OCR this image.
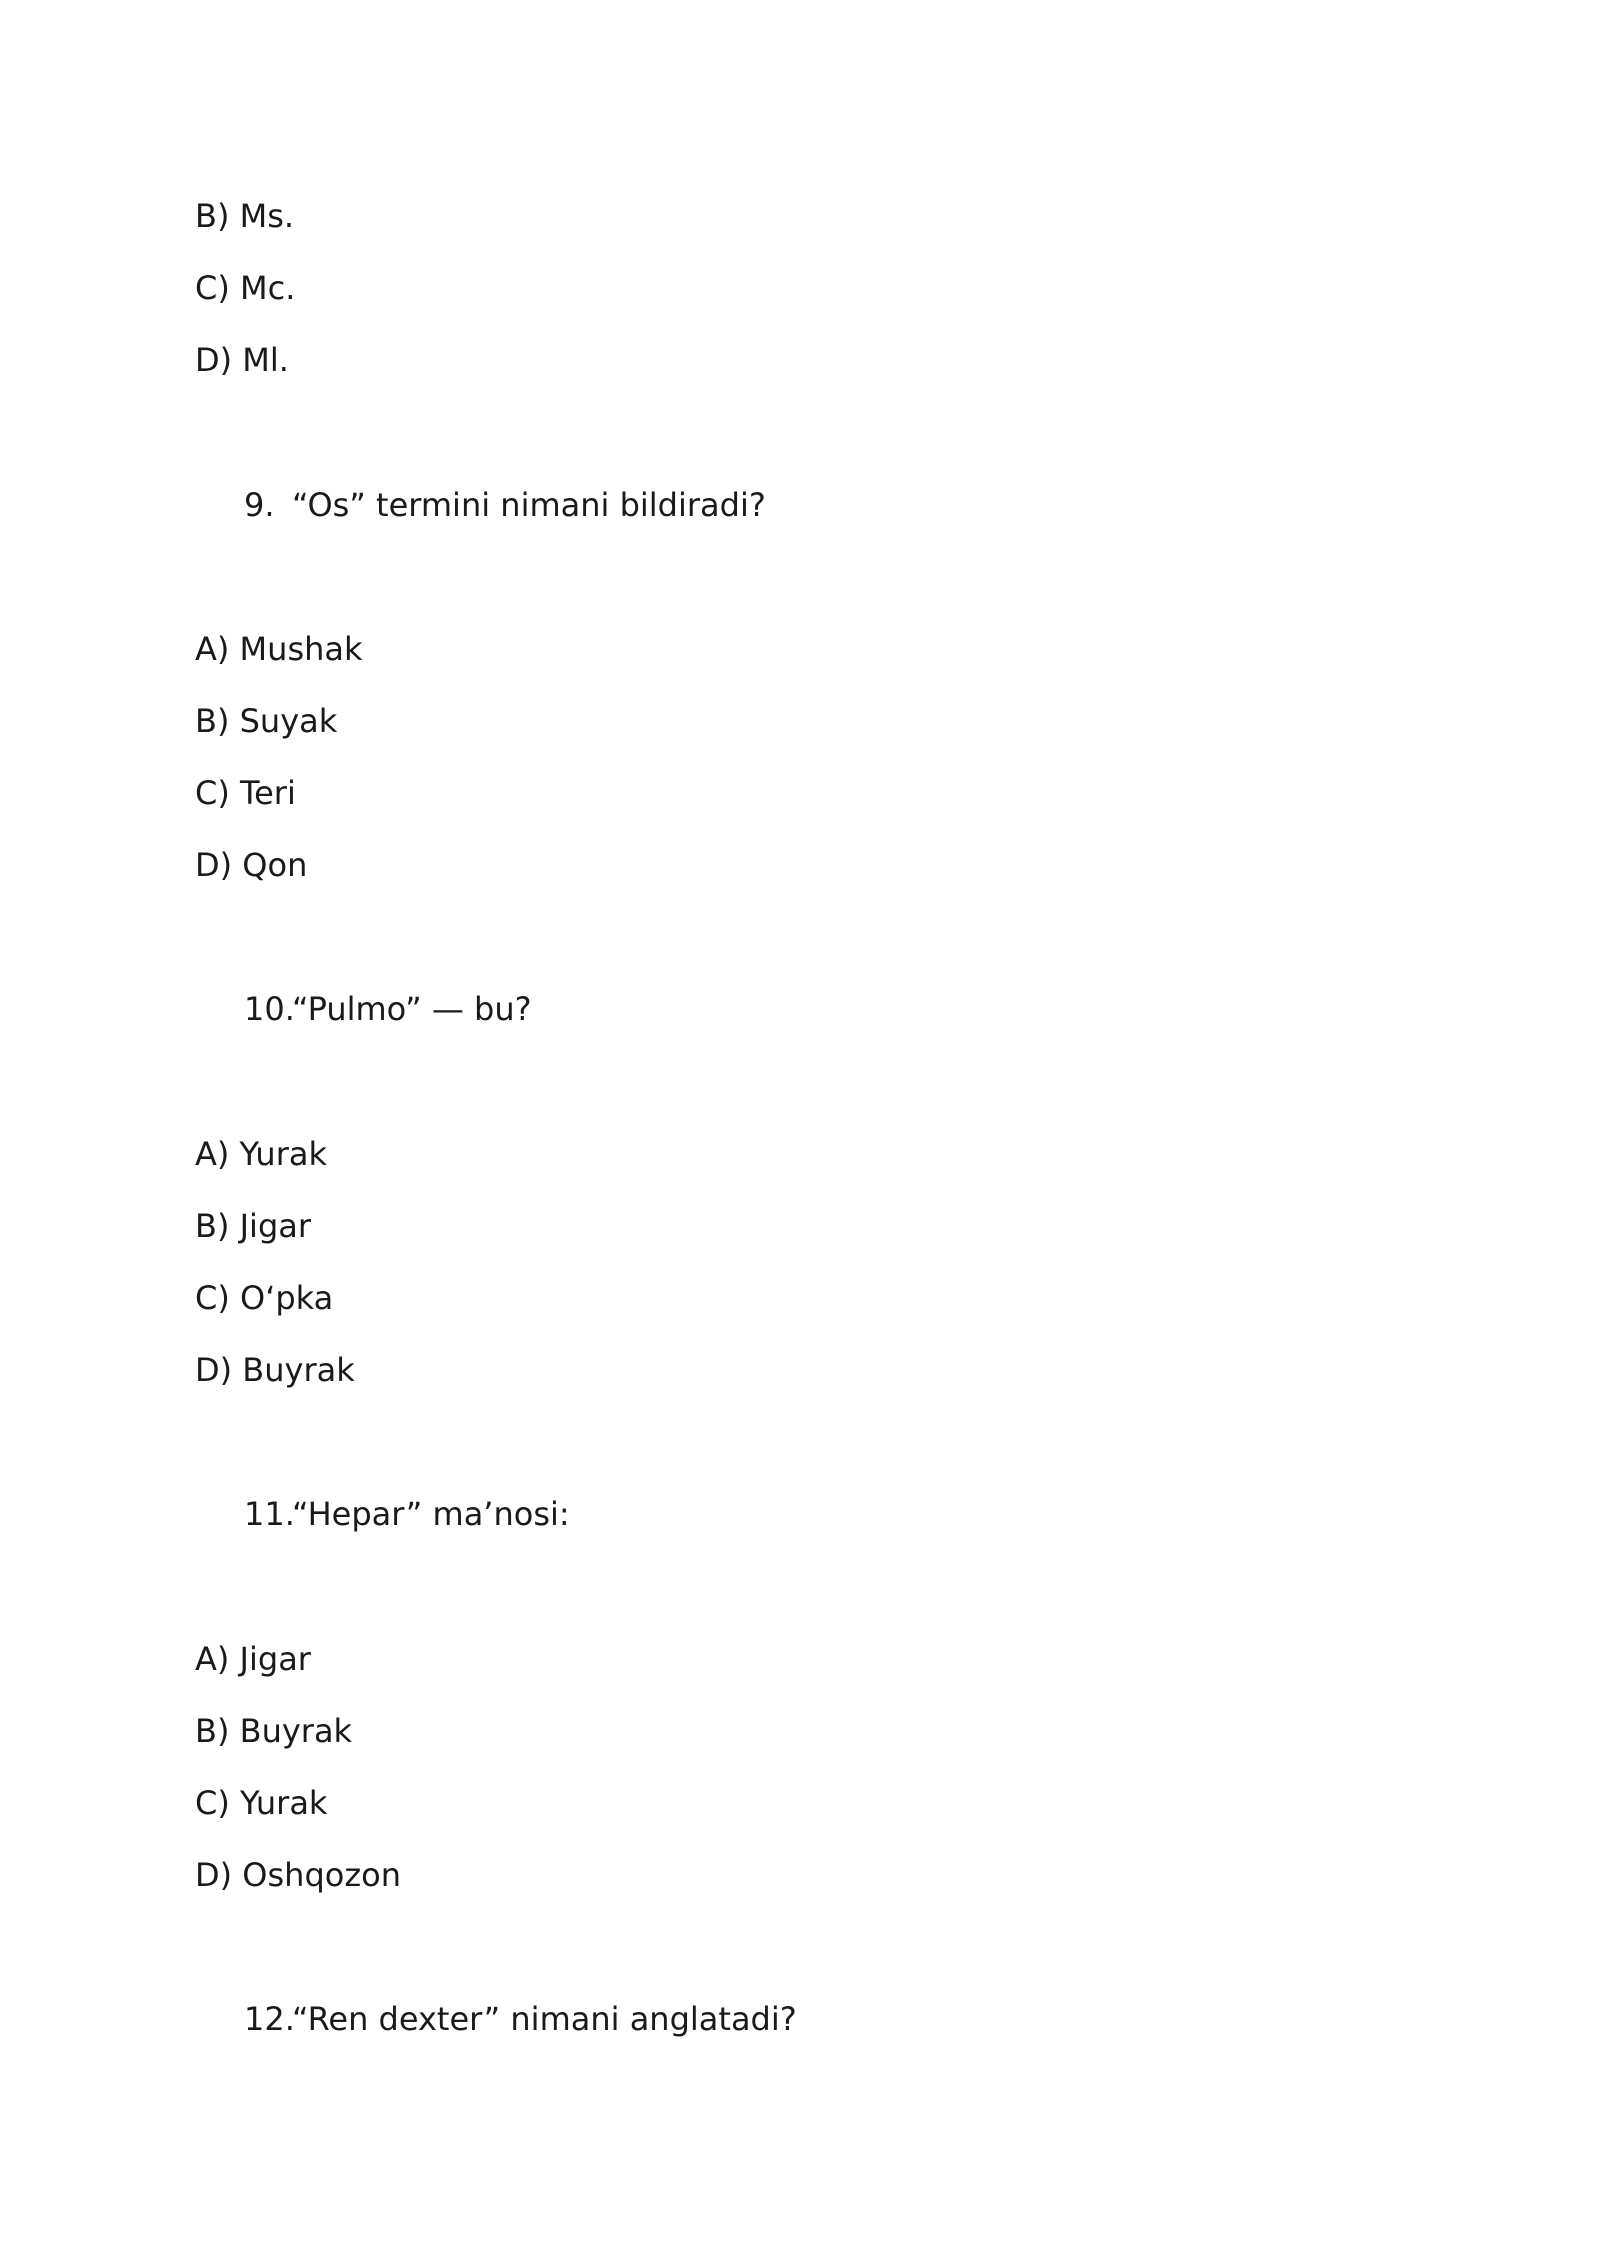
B) Ms.
C) Mc.
D) Ml.
9. “Os” termini nimani bildiradi?
A) Mushak
B) Suyak
C) Teri
D) Qon
10.“Pulmo” — bu?
A) Yurak
B) Jigar
C) O‘pka
D) Buyrak
11.“Hepar” ma’nosi:
A) Jigar
B) Buyrak
C) Yurak
D) Oshqozon
12.“Ren dexter” nimani anglatadi?
